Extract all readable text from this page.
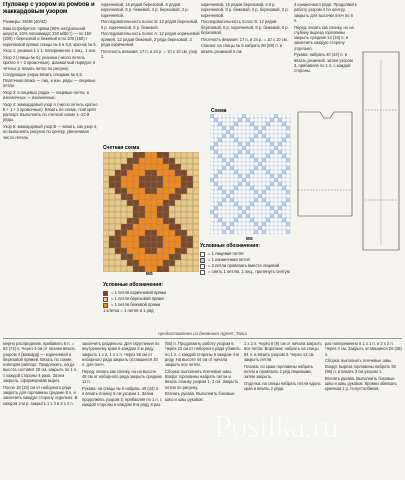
Пуловер с узором из ромбов и жаккардовым узором

Размеры: 36/38 (40/42)

Вам потребуется: пряжа (90% натуральной шерсти, 10% полиамида; 150 м/50 г) — по 150 (200) г березовой и бежевой и по 100 (150) г коричневой пряжи; спицы № 5 и 5,5; крючок № 5.

Узор 1: резинка 1 х 1, попеременно 1 лиц., 1 изн.

Узор 2 (спицы № 5): резинка (число петель кратно 4 + 2 кромочные). Шахматный порядок; в чётных р. вязать петли по рисунку.

Следующие узоры вязать спицами № 5,5. Платочная вязка — лиц. и изн. ряды — лицевые петли.

Узор 3: в лицевых рядах — лицевые петли, в изнаночных — изнаночные.

Узор 4: жаккардовый узор А (число петель кратно 8 + 1 + 2 кромочные). Вязать по схеме, повторяя раппорт. Выполнять по счетной схеме 1–22-й ряды.

Узор 5: жаккардовый узор В — вязать, как узор 4, но выполнять рисунок по центру, увеличивая число петель.

коричневой, 16 рядов березовой, 6 рядов коричневой, 8 р. бежевой, 4 р. березовой, 2 р. коричневой.

Последовательность полос Б: 12 рядов березовой, 6 р. коричневой, 8 р. бежевой.

Последовательность полос А: 12 рядов коричневой пряжей, 12 рядов бежевой, 2 ряда березовой, 2 ряда коричневой.

Плотность вязания: 17 п. и 24 р. = 10 х 10 см, узор 2.

коричневой, 16 рядов березовой, в 6 р. коричневой, 8 р. бежевой, 4 р. березовой, 2 р. коричневой.

Последовательность полос Б: 12 рядов березовой, 6 р. коричневой, 8 р. бежевой, 6 р. березовой.

Плотность вязания: 17 п. и 24 р. = 10 х 10 см.

Спинка: на спицы № 5 набрать 80 (88) п. и вязать резинкой 6 см.

4 изнаночного ряда. Продолжить работу узором 4 по центру, закрыть для вытачки плеч по 8 п.

Перед: вязать как спинку, но на глубину выреза горловины закрыть средние 14 (16) п. и закончить каждую сторону отдельно.

Рукава: набрать 40 (44) п. и вязать резинкой, затем узором 3, прибавляя по 1 п. с каждой стороны.

Счетная схема
MS
Схема
MS
Условные обозначения:
= 1 петля коричневой пряжи
= 1 петля березовой пряжи
= 1 петля бежевой пряжи
1 клетка = 1 петля и 1 ряд
Условные обозначения:
= 1 лицевая петля
= 1 изнаночная петля
= 2 петли провязать вместе лицевой
= снять 1 петлю, 1 лиц., протянуть снятую
предоставлено из дневника Agnes_Tania

мерно распределив, прибавить 6 п. = 63 (72) п. Через 4 см от планки вязать узором 4 (жаккард) — коричневой и березовой пряжей. Вязать по схеме, повторяя раппорт. Продолжить, когда высота составит 20 см, закрыть по 1 п. с каждой стороны 4 раза. Затем закрыть, сформировав вырез.

После 18 (19) см от наборного ряда закрыть для горловины средние 8 п. и закончить каждую сторону отдельно. В каждом 2-м р. закрыть 1 х 3 и 2 х 2 п.

закончить раздельно. Для скругления по внутреннему краю в каждом 2-м ряду закрыть 1 х 2, 1 х 1 п. Через 55 см от наборного ряда закрыть оставшиеся 20 п. для плеч.

Перед: вязать как спинку, но на высоте 48 см от наборного ряда закрыть средние 11 п.

Рукава: на спицы № 5 набрать 40 (44) п. и вязать планку 6 см узором 1. Затем продолжить узором 3, прибавляя по 1 п. с каждой стороны в каждом 8-м ряду 8 раз.

(50) п. Продолжить работу узором 6. Через 23 см от наборного ряда убавить по 1 п. с каждой стороны в каждом 4-м ряду. На высоте 44 см от начала закрыть все петли.

Сборка: выполнить плечевые швы. Вокруг горловины набрать петли и вязать планку узором 1, 3 см. Закрыть петли по рисунку.

Втачать рукава. Выполнить боковые швы и швы рукавов.

1 х 2 п. Через 8 (9) см от начала закрыть все петли. Воротник: набрать на спицы 84 п. и вязать узором 2. Через 12 см закрыть петли.

Планка: по краю горловины набрать петли и провязать 1 ряд лицевыми, затем закрыть.

Отделка: на спицы набрать петли вдоль края и вязать 2 ряда.

раз попеременно в 1 х 1 п. и 2 х 2 п. Через 4 см. Закрыть оставшиеся 26 (28) п.

Сборка: выполнить плечевые швы. Вокруг выреза горловины набрать 92 (96) п. и вязать 3 см узором 1.

Втачать рукава. Выполнить боковые швы и швы рукавов. Кромки обвязать крючком 1 р. полустолбиков.

Posilka.ru
